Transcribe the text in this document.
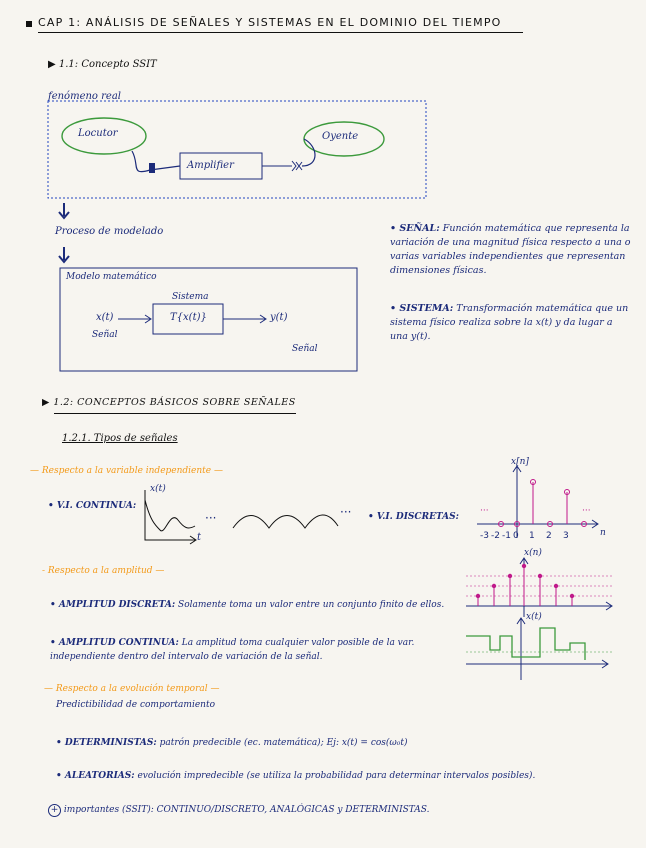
CAP 1: ANÁLISIS DE SEÑALES Y SISTEMAS EN EL DOMINIO DEL TIEMPO
▶ 1.1: Concepto SSIT
fenómeno real
Locutor
Amplifier
Oyente
Proceso de modelado
Modelo matemático
Sistema
T{x(t)}
x(t)
Señal
y(t)
Señal
• SEÑAL: Función matemática que representa la variación de una magnitud física respecto a una o varias variables independientes que representan dimensiones físicas.
• SISTEMA: Transformación matemática que un sistema físico realiza sobre la x(t) y da lugar a una y(t).
▶ 1.2: CONCEPTOS BÁSICOS SOBRE SEÑALES
1.2.1. Tipos de señales
— Respecto a la variable independiente —
• V.I. CONTINUA:
x(t)
t
···	··· • V.I. DISCRETAS:
x[n]
n
···	···
-3 -2 -1 0 1 2 3
x(n)
x(t)
- Respecto a la amplitud —
• AMPLITUD DISCRETA: Solamente toma un valor entre un conjunto finito de ellos.
• AMPLITUD CONTINUA: La amplitud toma cualquier valor posible de la var. independiente dentro del intervalo de variación de la señal.
— Respecto a la evolución temporal —
Predictibilidad de comportamiento
• DETERMINISTAS: patrón predecible (ec. matemática); Ej: x(t) = cos(ω₀t)
• ALEATORIAS: evolución impredecible (se utiliza la probabilidad para determinar intervalos posibles).
+ importantes (SSIT): CONTINUO/DISCRETO, ANALÓGICAS y DETERMINISTAS.
